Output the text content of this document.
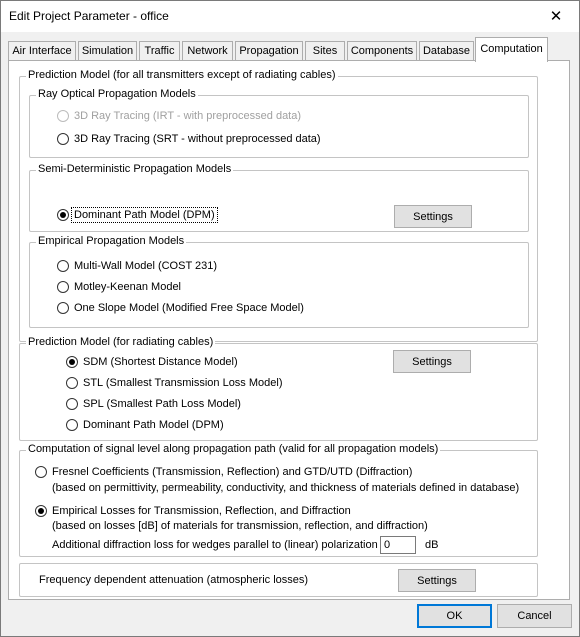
Edit Project Parameter - office	✕
Air Interface Simulation	Traffic	Network	Propagation	Sites	Components Database Computation
Prediction Model (for all transmitters except of radiating cables)
Ray Optical Propagation Models
3D Ray Tracing (IRT - with preprocessed data)
3D Ray Tracing (SRT - without preprocessed data)
Semi-Deterministic Propagation Models
Dominant Path Model (DPM)	Settings
Empirical Propagation Models
Multi-Wall Model (COST 231)
Motley-Keenan Model
One Slope Model (Modified Free Space Model)
Prediction Model (for radiating cables)
SDM (Shortest Distance Model)
STL (Smallest Transmission Loss Model)
SPL (Smallest Path Loss Model)
Dominant Path Model (DPM)
Settings
Computation of signal level along propagation path (valid for all propagation models)
Fresnel Coefficients (Transmission, Reflection) and GTD/UTD (Diffraction)
(based on permittivity, permeability, conductivity, and thickness of materials defined in database)
Empirical Losses for Transmission, Reflection, and Diffraction
(based on losses [dB] of materials for transmission, reflection, and diffraction)
Additional diffraction loss for wedges parallel to (linear) polarization
0	dB
Frequency dependent attenuation (atmospheric losses)	Settings
OK	Cancel
